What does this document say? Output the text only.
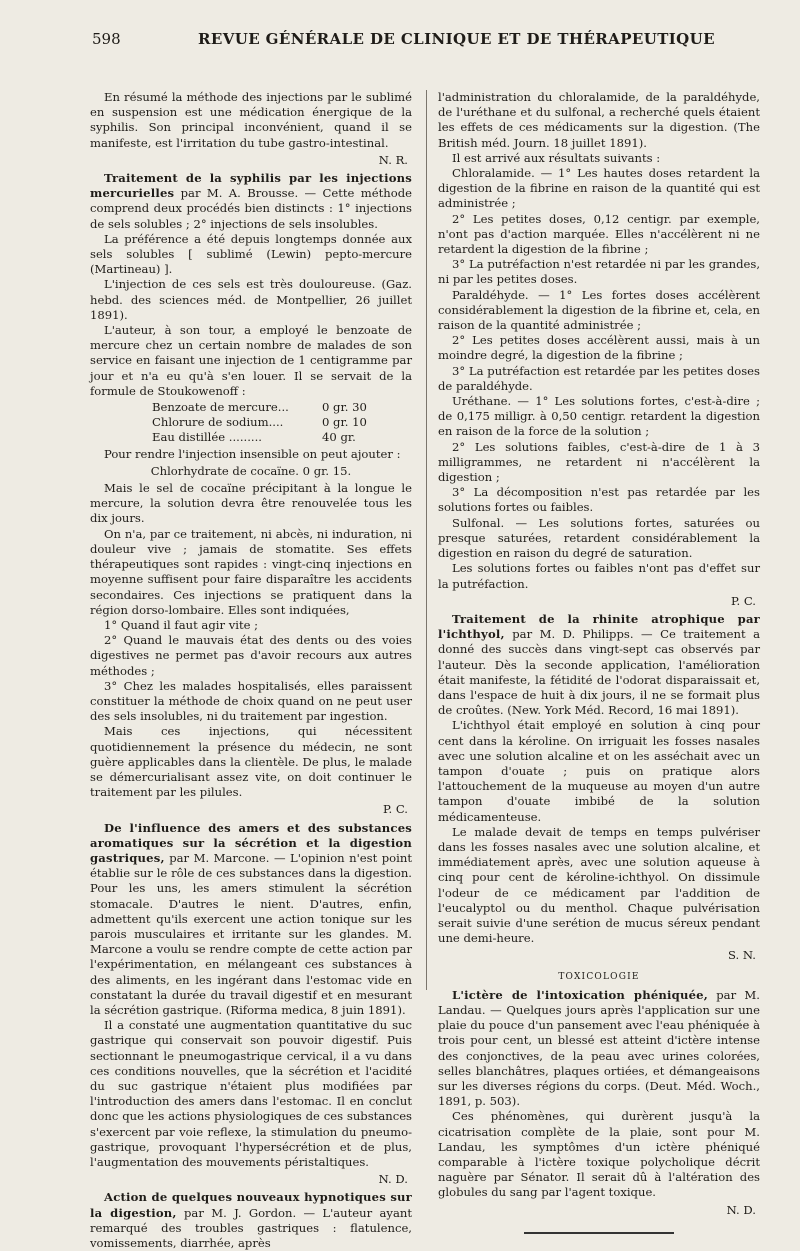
598	REVUE GÉNÉRALE DE CLINIQUE ET DE THÉRAPEUTIQUE

En résumé la méthode des injections par le sublimé en suspension est une médication énergique de la syphilis. Son principal inconvénient, quand il se manifeste, est l'irritation du tube gastro-intestinal.

N. R.

Traitement de la syphilis par les injections mercurielles par M. A. Brousse. — Cette méthode comprend deux procédés bien distincts : 1° injections de sels solubles ; 2° injections de sels insolubles.

La préférence a été depuis longtemps donnée aux sels solubles [ sublimé (Lewin) pepto-mercure (Martineau) ].

L'injection de ces sels est très douloureuse. (Gaz. hebd. des sciences méd. de Montpellier, 26 juillet 1891).

L'auteur, à son tour, a employé le benzoate de mercure chez un certain nombre de malades de son service en faisant une injection de 1 centigramme par jour et n'a eu qu'à s'en louer. Il se servait de la formule de Stoukowenoff :

Benzoate de mercure...	0 gr. 30
Chlorure de sodium....	0 gr. 10
Eau distillée .........	40 gr.

Pour rendre l'injection insensible on peut ajouter :

Chlorhydrate de cocaïne. 0 gr. 15.

Mais le sel de cocaïne précipitant à la longue le mercure, la solution devra être renouvelée tous les dix jours.

On n'a, par ce traitement, ni abcès, ni induration, ni douleur vive ; jamais de stomatite. Ses effets thérapeutiques sont rapides : vingt-cinq injections en moyenne suffisent pour faire disparaître les accidents secondaires. Ces injections se pratiquent dans la région dorso-lombaire. Elles sont indiquées,

1° Quand il faut agir vite ;

2° Quand le mauvais état des dents ou des voies digestives ne permet pas d'avoir recours aux autres méthodes ;

3° Chez les malades hospitalisés, elles paraissent constituer la méthode de choix quand on ne peut user des sels insolubles, ni du traitement par ingestion.

Mais ces injections, qui nécessitent quotidiennement la présence du médecin, ne sont guère applicables dans la clientèle. De plus, le malade se démercurialisant assez vite, on doit continuer le traitement par les pilules.

P. C.

De l'influence des amers et des substances aromatiques sur la sécrétion et la digestion gastriques, par M. Marcone. — L'opinion n'est point établie sur le rôle de ces substances dans la digestion. Pour les uns, les amers stimulent la sécrétion stomacale. D'autres le nient. D'autres, enfin, admettent qu'ils exercent une action tonique sur les parois musculaires et irritante sur les glandes. M. Marcone a voulu se rendre compte de cette action par l'expérimentation, en mélangeant ces substances à des aliments, en les ingérant dans l'estomac vide en constatant la durée du travail digestif et en mesurant la sécrétion gastrique. (Riforma medica, 8 juin 1891).

Il a constaté une augmentation quantitative du suc gastrique qui conservait son pouvoir digestif. Puis sectionnant le pneumogastrique cervical, il a vu dans ces conditions nouvelles, que la sécrétion et l'acidité du suc gastrique n'étaient plus modifiées par l'introduction des amers dans l'estomac. Il en conclut donc que les actions physiologiques de ces substances s'exercent par voie reflexe, la stimulation du pneumo-gastrique, provoquant l'hypersécrétion et de plus, l'augmentation des mouvements péristaltiques.

N. D.

Action de quelques nouveaux hypnotiques sur la digestion, par M. J. Gordon. — L'auteur ayant remarqué des troubles gastriques : flatulence, vomissements, diarrhée, après

l'administration du chloralamide, de la paraldéhyde, de l'uréthane et du sulfonal, a recherché quels étaient les effets de ces médicaments sur la digestion. (The British méd. Journ. 18 juillet 1891).

Il est arrivé aux résultats suivants :

Chloralamide. — 1° Les hautes doses retardent la digestion de la fibrine en raison de la quantité qui est administrée ;

2° Les petites doses, 0,12 centigr. par exemple, n'ont pas d'action marquée. Elles n'accélèrent ni ne retardent la digestion de la fibrine ;

3° La putréfaction n'est retardée ni par les grandes, ni par les petites doses.

Paraldéhyde. — 1° Les fortes doses accélèrent considérablement la digestion de la fibrine et, cela, en raison de la quantité administrée ;

2° Les petites doses accélèrent aussi, mais à un moindre degré, la digestion de la fibrine ;

3° La putréfaction est retardée par les petites doses de paraldéhyde.

Uréthane. — 1° Les solutions fortes, c'est-à-dire ; de 0,175 milligr. à 0,50 centigr. retardent la digestion en raison de la force de la solution ;

2° Les solutions faibles, c'est-à-dire de 1 à 3 milligrammes, ne retardent ni n'accélèrent la digestion ;

3° La décomposition n'est pas retardée par les solutions fortes ou faibles.

Sulfonal. — Les solutions fortes, saturées ou presque saturées, retardent considérablement la digestion en raison du degré de saturation.

Les solutions fortes ou faibles n'ont pas d'effet sur la putréfaction.

P. C.

Traitement de la rhinite atrophique par l'ichthyol, par M. D. Philipps. — Ce traitement a donné des succès dans vingt-sept cas observés par l'auteur. Dès la seconde application, l'amélioration était manifeste, la fétidité de l'odorat disparaissait et, dans l'espace de huit à dix jours, il ne se formait plus de croûtes. (New. York Méd. Record, 16 mai 1891).

L'ichthyol était employé en solution à cinq pour cent dans la kéroline. On irriguait les fosses nasales avec une solution alcaline et on les asséchait avec un tampon d'ouate ; puis on pratique alors l'attouchement de la muqueuse au moyen d'un autre tampon d'ouate imbibé de la solution médicamenteuse.

Le malade devait de temps en temps pulvériser dans les fosses nasales avec une solution alcaline, et immédiatement après, avec une solution aqueuse à cinq pour cent de kéroline-ichthyol. On dissimule l'odeur de ce médicament par l'addition de l'eucalyptol ou du menthol. Chaque pulvérisation serait suivie d'une serétion de mucus séreux pendant une demi-heure.

S. N.

TOXICOLOGIE

L'ictère de l'intoxication phéniquée, par M. Landau. — Quelques jours après l'application sur une plaie du pouce d'un pansement avec l'eau phéniquée à trois pour cent, un blessé est atteint d'ictère intense des conjonctives, de la peau avec urines colorées, selles blanchâtres, plaques ortiées, et démangeaisons sur les diverses régions du corps. (Deut. Méd. Woch., 1891, p. 503).

Ces phénomènes, qui durèrent jusqu'à la cicatrisation complète de la plaie, sont pour M. Landau, les symptômes d'un ictère phéniqué comparable à l'ictère toxique polycholique décrit naguère par Sénator. Il serait dû à l'altération des globules du sang par l'agent toxique.

N. D.
